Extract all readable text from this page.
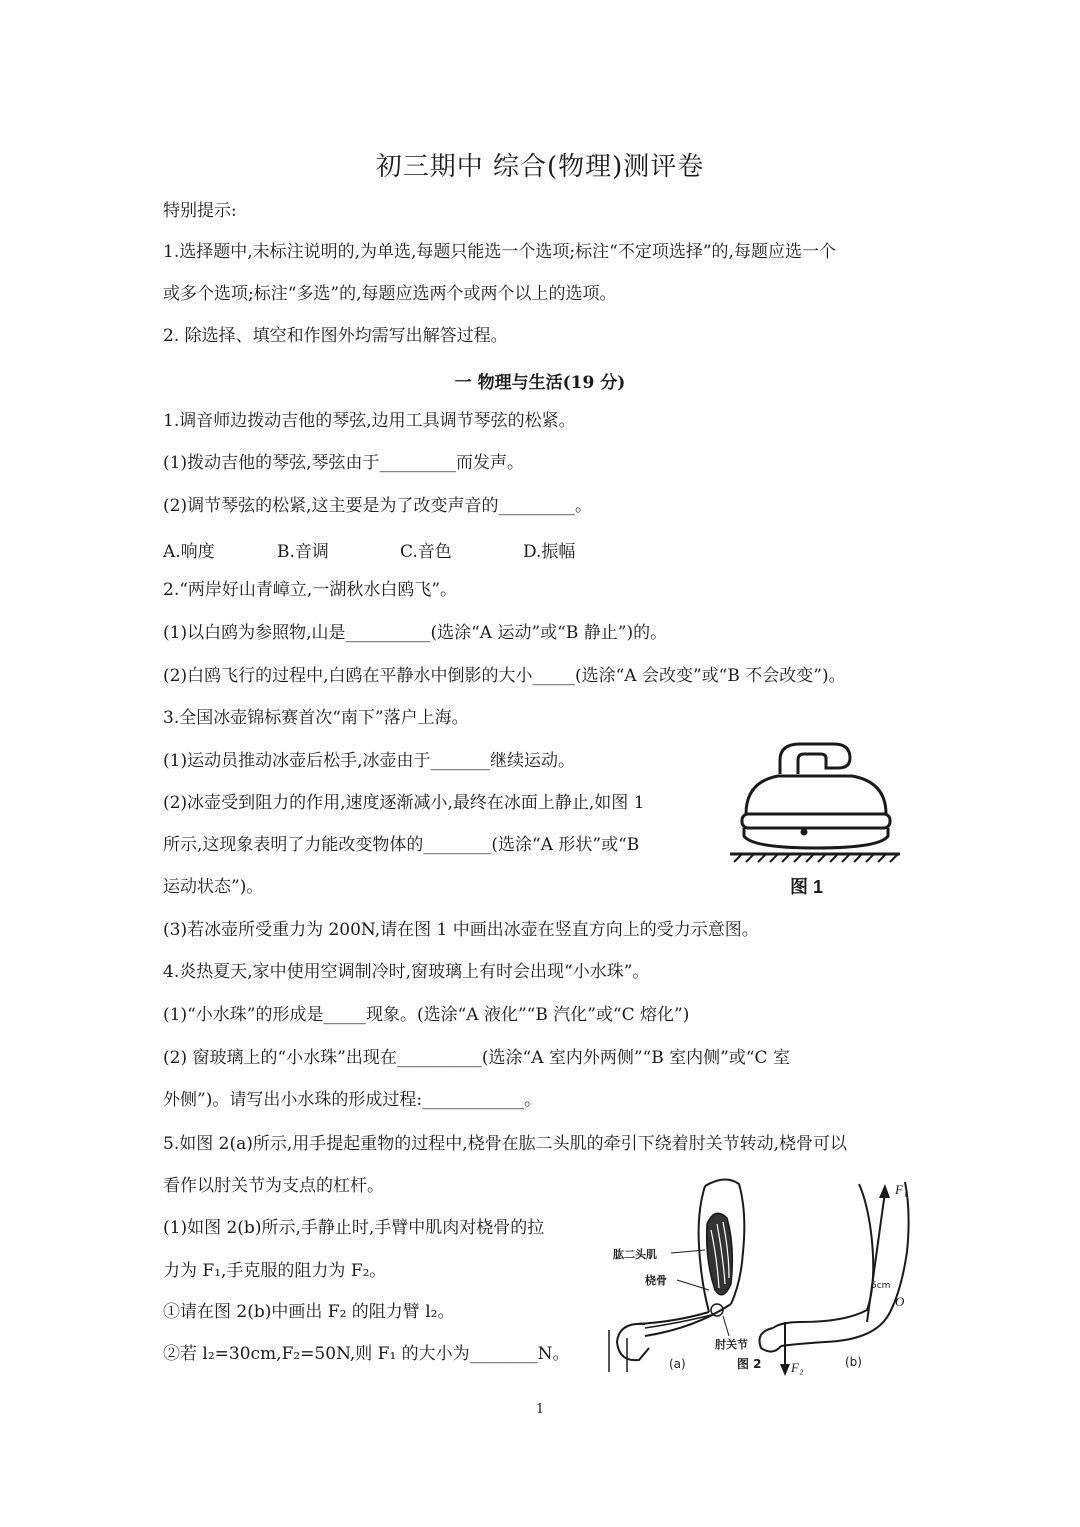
初三期中 综合(物理)测评卷
特别提示:
1.选择题中,未标注说明的,为单选,每题只能选一个选项;标注“不定项选择”的,每题应选一个
或多个选项;标注“多选”的,每题应选两个或两个以上的选项。
2. 除选择、填空和作图外均需写出解答过程。
一 物理与生活(19 分)
1.调音师边拨动吉他的琴弦,边用工具调节琴弦的松紧。
(1)拨动吉他的琴弦,琴弦由于_________而发声。
(2)调节琴弦的松紧,这主要是为了改变声音的_________。
A.响度	B.音调	C.音色	D.振幅
2.“两岸好山青嶂立,一湖秋水白鸥飞”。
(1)以白鸥为参照物,山是__________(选涂“A 运动”或“B 静止”)的。
(2)白鸥飞行的过程中,白鸥在平静水中倒影的大小_____(选涂“A 会改变”或“B 不会改变”)。
3.全国冰壶锦标赛首次“南下”落户上海。
(1)运动员推动冰壶后松手,冰壶由于_______继续运动。
(2)冰壶受到阻力的作用,速度逐渐减小,最终在冰面上静止,如图 1
所示,这现象表明了力能改变物体的________(选涂“A 形状”或“B
运动状态”)。
(3)若冰壶所受重力为 200N,请在图 1 中画出冰壶在竖直方向上的受力示意图。
图 1
4.炎热夏天,家中使用空调制冷时,窗玻璃上有时会出现“小水珠”。
(1)“小水珠”的形成是_____现象。(选涂“A 液化”“B 汽化”或“C 熔化”)
(2) 窗玻璃上的“小水珠”出现在__________(选涂“A 室内外两侧”“B 室内侧”或“C 室
外侧”)。请写出小水珠的形成过程:____________。
5.如图 2(a)所示,用手提起重物的过程中,桡骨在肱二头肌的牵引下绕着肘关节转动,桡骨可以
看作以肘关节为支点的杠杆。
(1)如图 2(b)所示,手静止时,手臂中肌肉对桡骨的拉
力为 F₁,手克服的阻力为 F₂。
①请在图 2(b)中画出 F₂ 的阻力臂 l₂。
②若 l₂=30cm,F₂=50N,则 F₁ 的大小为________N。
肱二头肌
桡骨
肘关节
(a)	图 2
F₁
5cm
O
F₂	(b)
1
